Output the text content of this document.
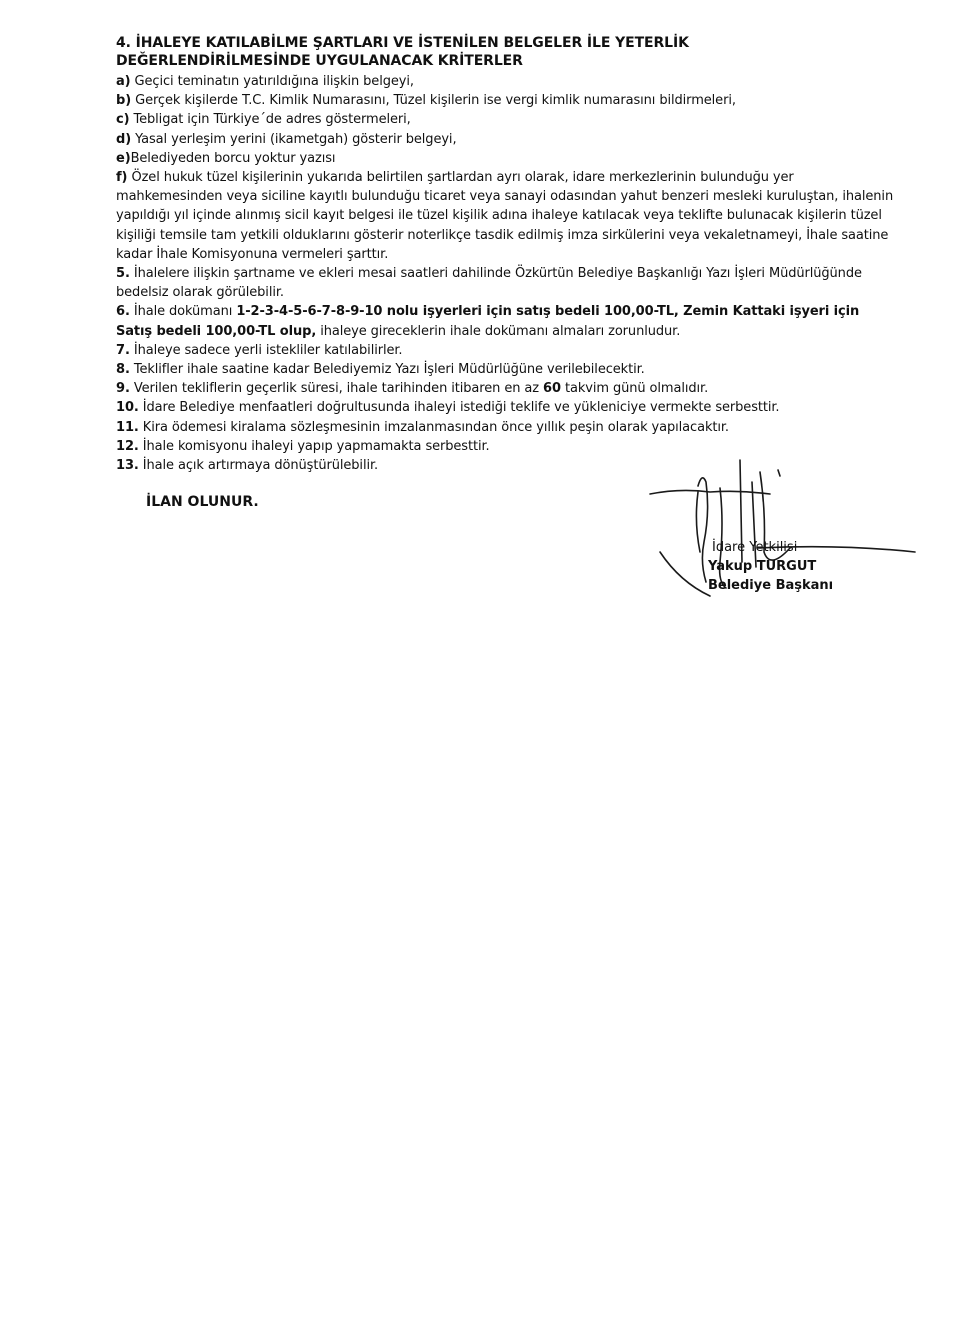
4. İHALEYE KATILABİLME ŞARTLARI VE İSTENİLEN BELGELER İLE YETERLİK
DEĞERLENDİRİLMESİNDE UYGULANACAK KRİTERLER

a) Geçici teminatın yatırıldığına ilişkin belgeyi,

b) Gerçek kişilerde T.C. Kimlik Numarasını, Tüzel kişilerin ise vergi kimlik numarasını bildirmeleri,

c) Tebligat için Türkiye´de adres göstermeleri,

d) Yasal yerleşim yerini (ikametgah) gösterir belgeyi,

e)Belediyeden borcu yoktur yazısı

f) Özel hukuk tüzel kişilerinin yukarıda belirtilen şartlardan ayrı olarak, idare merkezlerinin bulunduğu yer mahkemesinden veya siciline kayıtlı bulunduğu ticaret veya sanayi odasından yahut benzeri mesleki kuruluştan, ihalenin yapıldığı yıl içinde alınmış sicil kayıt belgesi ile tüzel kişilik adına ihaleye katılacak veya teklifte bulunacak kişilerin tüzel kişiliği temsile tam yetkili olduklarını gösterir noterlikçe tasdik edilmiş imza sirkülerini veya vekaletnameyi, İhale saatine kadar İhale Komisyonuna vermeleri şarttır.

5. İhalelere ilişkin şartname ve ekleri mesai saatleri dahilinde Özkürtün Belediye Başkanlığı Yazı İşleri Müdürlüğünde bedelsiz olarak görülebilir.

6. İhale dokümanı 1-2-3-4-5-6-7-8-9-10 nolu işyerleri için satış bedeli 100,00-TL, Zemin Kattaki işyeri için Satış bedeli 100,00-TL olup, ihaleye gireceklerin ihale dokümanı almaları zorunludur.

7. İhaleye sadece yerli istekliler katılabilirler.

8. Teklifler ihale saatine kadar Belediyemiz Yazı İşleri Müdürlüğüne verilebilecektir.

9. Verilen tekliflerin geçerlik süresi, ihale tarihinden itibaren en az 60 takvim günü olmalıdır.

10. İdare Belediye menfaatleri doğrultusunda ihaleyi istediği teklife ve yükleniciye vermekte serbesttir.

11. Kira ödemesi kiralama sözleşmesinin imzalanmasından önce yıllık peşin olarak yapılacaktır.

12. İhale komisyonu ihaleyi yapıp yapmamakta serbesttir.

13. İhale açık artırmaya dönüştürülebilir.

İLAN OLUNUR.
İdare Yetkilisi
Yakup TURGUT
Belediye Başkanı
